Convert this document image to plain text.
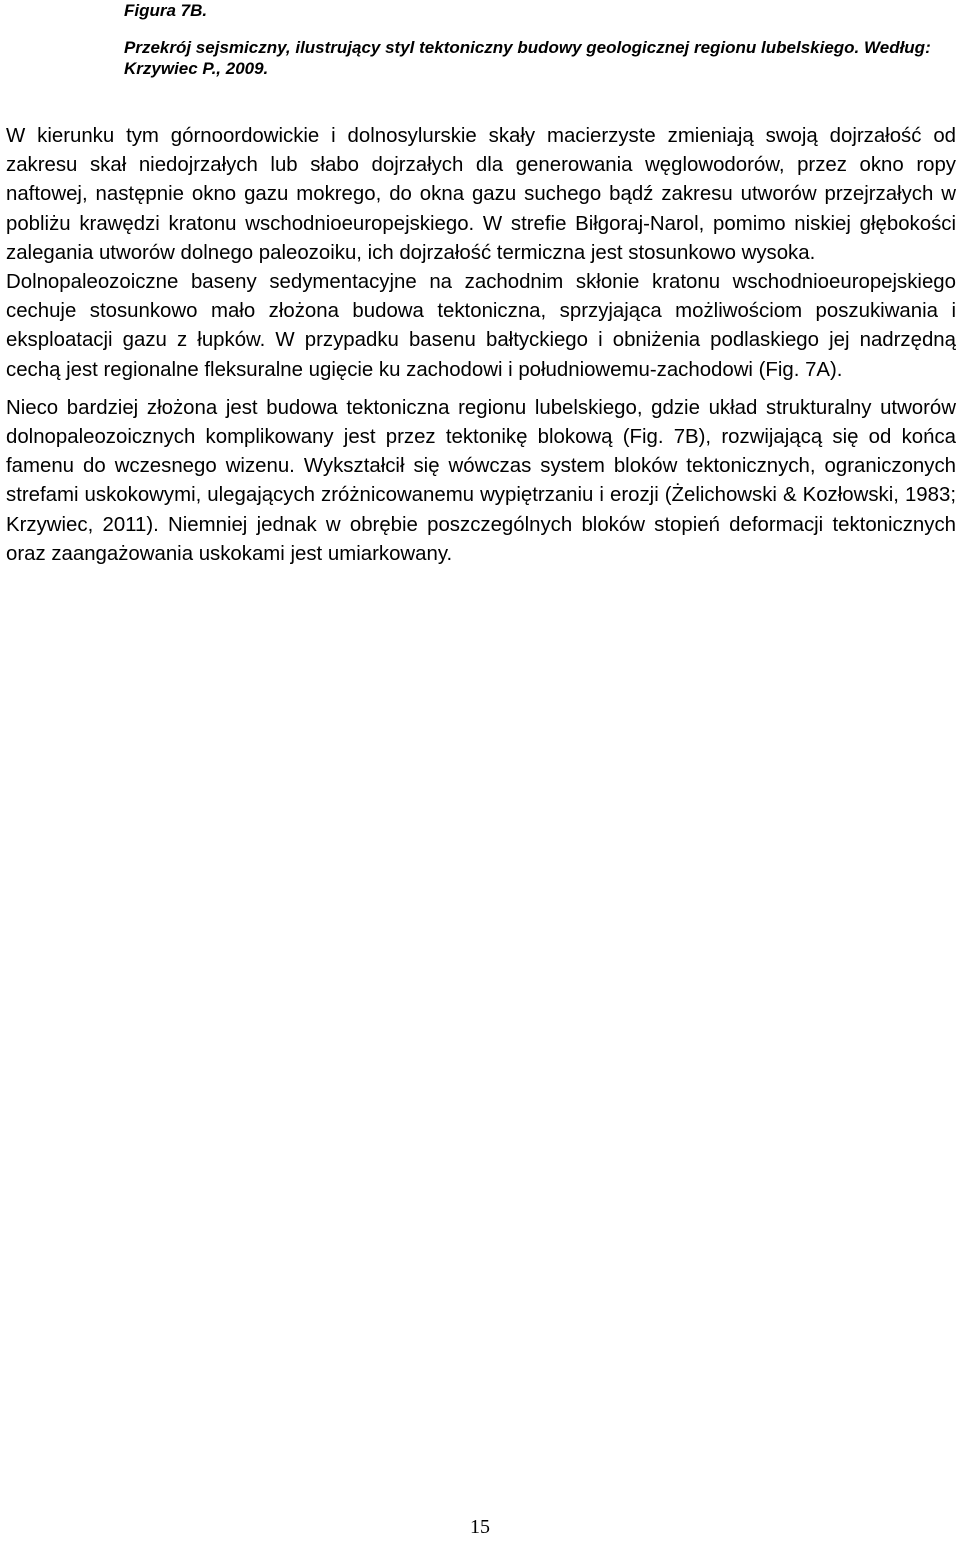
Figura 7B.
Przekrój sejsmiczny, ilustrujący styl tektoniczny budowy geologicznej regionu lubelskiego. Według: Krzywiec P., 2009.

W kierunku tym górnoordowickie i dolnosylurskie skały macierzyste zmieniają swoją dojrzałość od zakresu skał niedojrzałych lub słabo dojrzałych dla generowania węglowodorów, przez okno ropy naftowej, następnie okno gazu mokrego, do okna gazu suchego bądź zakresu utworów przejrzałych w pobliżu krawędzi kratonu wschodnioeuropejskiego. W strefie Biłgoraj-Narol, pomimo niskiej głębokości zalegania utworów dolnego paleozoiku, ich dojrzałość termiczna jest stosunkowo wysoka.

Dolnopaleozoiczne baseny sedymentacyjne na zachodnim skłonie kratonu wschodnioeuropejskiego cechuje stosunkowo mało złożona budowa tektoniczna, sprzyjająca możliwościom poszukiwania i eksploatacji gazu z łupków. W przypadku basenu bałtyckiego i obniżenia podlaskiego jej nadrzędną cechą jest regionalne fleksuralne ugięcie ku zachodowi i południowemu-zachodowi (Fig. 7A).

Nieco bardziej złożona jest budowa tektoniczna regionu lubelskiego, gdzie układ strukturalny utworów dolnopaleozoicznych komplikowany jest przez tektonikę blokową (Fig. 7B), rozwijającą się od końca famenu do wczesnego wizenu. Wykształcił się wówczas system bloków tektonicznych, ograniczonych strefami uskokowymi, ulegających zróżnicowanemu wypiętrzaniu i erozji (Żelichowski & Kozłowski, 1983; Krzywiec, 2011). Niemniej jednak w obrębie poszczególnych bloków stopień deformacji tektonicznych oraz zaangażowania uskokami jest umiarkowany.

15
